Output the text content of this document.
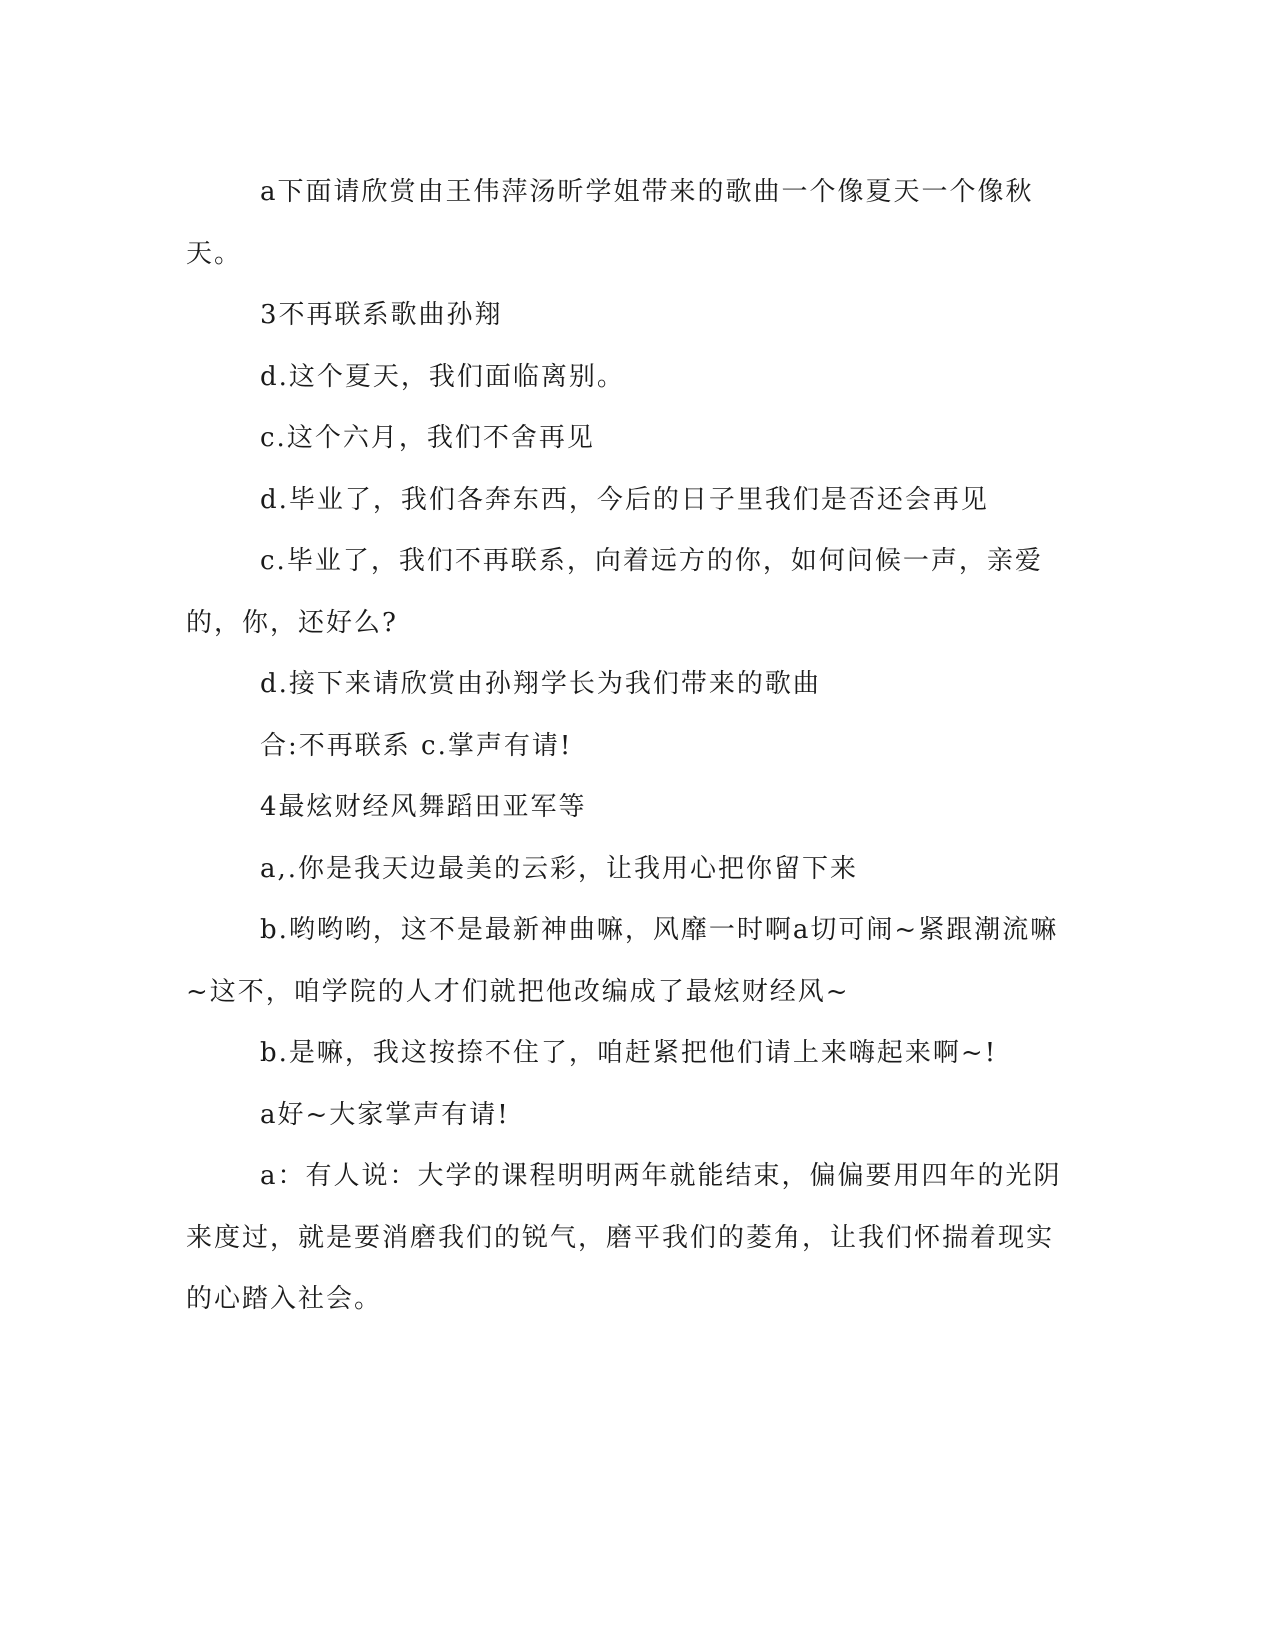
a下面请欣赏由王伟萍汤昕学姐带来的歌曲一个像夏天一个像秋天。

3不再联系歌曲孙翔

d.这个夏天，我们面临离别。

c.这个六月，我们不舍再见

d.毕业了，我们各奔东西，今后的日子里我们是否还会再见

c.毕业了，我们不再联系，向着远方的你，如何问候一声，亲爱的，你，还好么?

d.接下来请欣赏由孙翔学长为我们带来的歌曲

合:不再联系 c.掌声有请!

4最炫财经风舞蹈田亚军等

a,.你是我天边最美的云彩，让我用心把你留下来

b.哟哟哟，这不是最新神曲嘛，风靡一时啊a切可闹~紧跟潮流嘛~这不，咱学院的人才们就把他改编成了最炫财经风~

b.是嘛，我这按捺不住了，咱赶紧把他们请上来嗨起来啊~!

a好~大家掌声有请!

a：有人说：大学的课程明明两年就能结束，偏偏要用四年的光阴来度过，就是要消磨我们的锐气，磨平我们的菱角，让我们怀揣着现实的心踏入社会。
